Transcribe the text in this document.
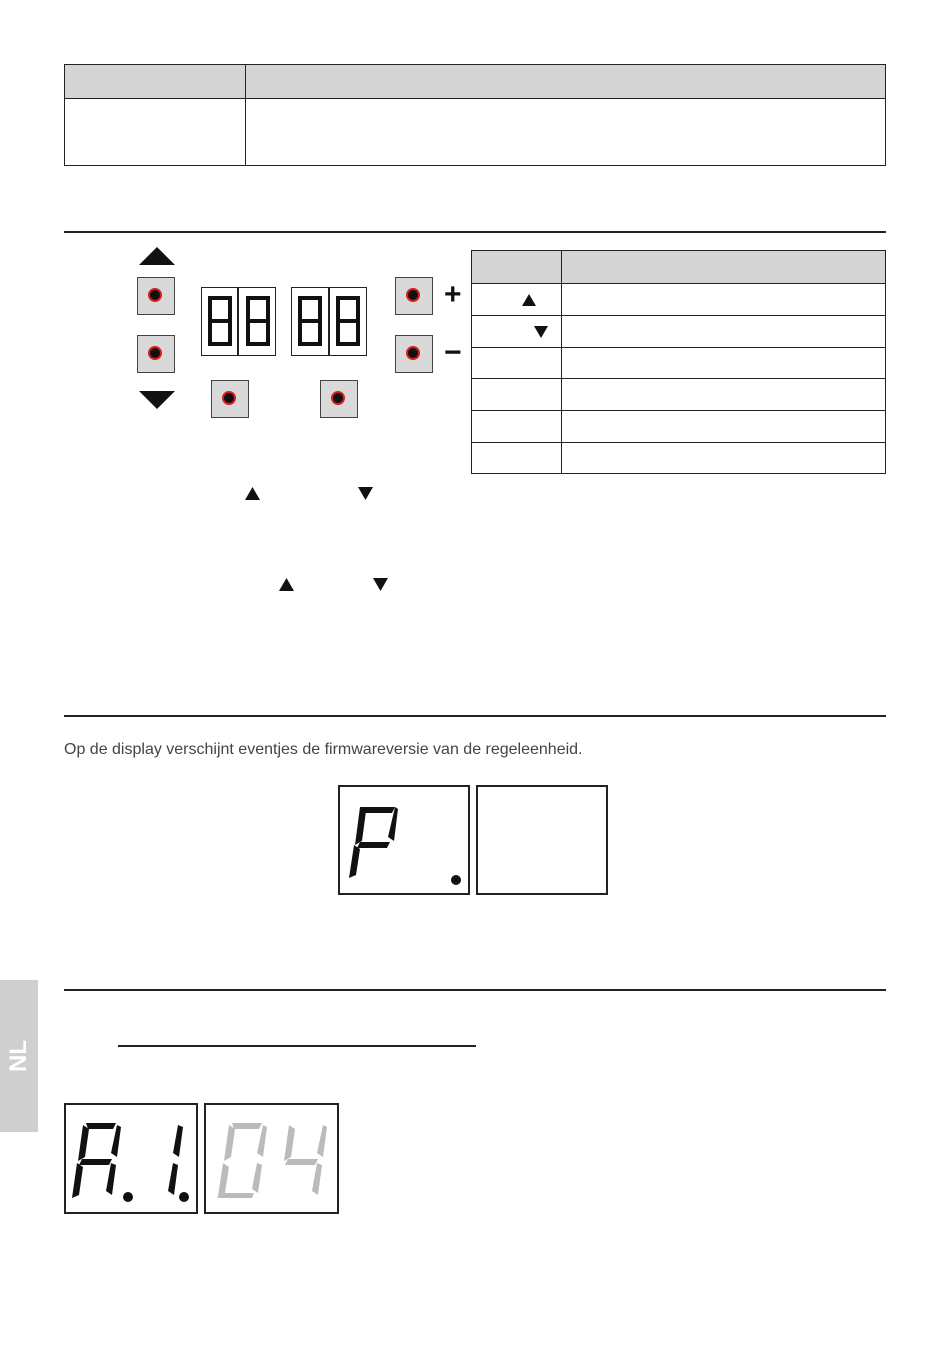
+
−

Op de display verschijnt eventjes de firmwareversie van de regeleenheid.

NL
